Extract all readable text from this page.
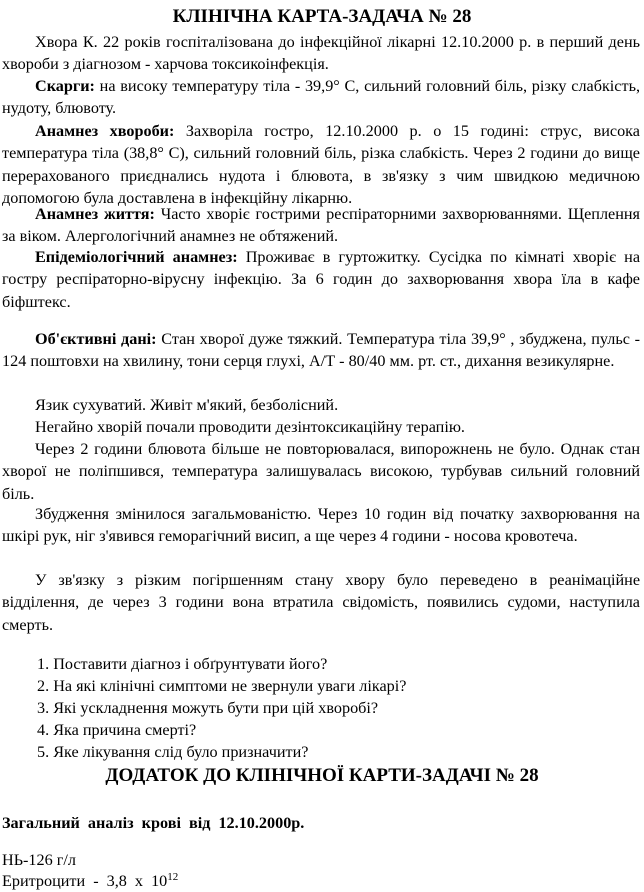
КЛІНІЧНА КАРТА-ЗАДАЧА № 28
Хвора К. 22 років госпіталізована до інфекційної лікарні 12.10.2000 р. в перший день хвороби з діагнозом - харчова токсикоінфекція.
Скарги: на високу температуру тіла - 39,9° С, сильний головний біль, різку слабкість, нудоту, блювоту.
Анамнез хвороби: Захворіла гостро, 12.10.2000 р. о 15 годині: струс, висока температура тіла (38,8° С), сильний головний біль, різка слабкість. Через 2 години до вище перерахованого приєднались нудота і блювота, в зв'язку з чим швидкою медичною допомогою була доставлена в інфекційну лікарню.
Анамнез життя: Часто хворіє гострими респіраторними захворюваннями. Щеплення за віком. Алергологічний анамнез не обтяжений.
Епідеміологічний анамнез: Проживає в гуртожитку. Сусідка по кімнаті хворіє на гостру респіраторно-вірусну інфекцію. За 6 годин до захворювання хвора їла в кафе біфштекс.
Об'єктивні дані: Стан хворої дуже тяжкий. Температура тіла 39,9° , збуджена, пульс - 124 поштовхи на хвилину, тони серця глухі, А/Т - 80/40 мм. рт. ст., дихання везикулярне.
Язик сухуватий. Живіт м'який, безболісний.
Негайно хворій почали проводити дезінтоксикаційну терапію.
Через 2 години блювота більше не повторювалася, випорожнень не було. Однак стан хворої не поліпшився, температура залишувалась високою, турбував сильний головний біль.
Збудження змінилося загальмованістю. Через 10 годин від початку захворювання на шкірі рук, ніг з'явився геморагічний висип, а ще через 4 години - носова кровотеча.
У зв'язку з різким погіршенням стану хвору було переведено в реанімаційне відділення, де через 3 години вона втратила свідомість, появились судоми, наступила смерть.
1. Поставити діагноз і обґрунтувати його?
2. На які клінічні симптоми не звернули уваги лікарі?
3. Які ускладнення можуть бути при цій хворобі?
4. Яка причина смерті?
5. Яке лікування слід було призначити?
ДОДАТОК ДО КЛІНІЧНОЇ КАРТИ-ЗАДАЧІ № 28
Загальний аналіз крові від 12.10.2000р.
НЬ-126 г/л
Еритроцити - 3,8 х $10^{12}$
